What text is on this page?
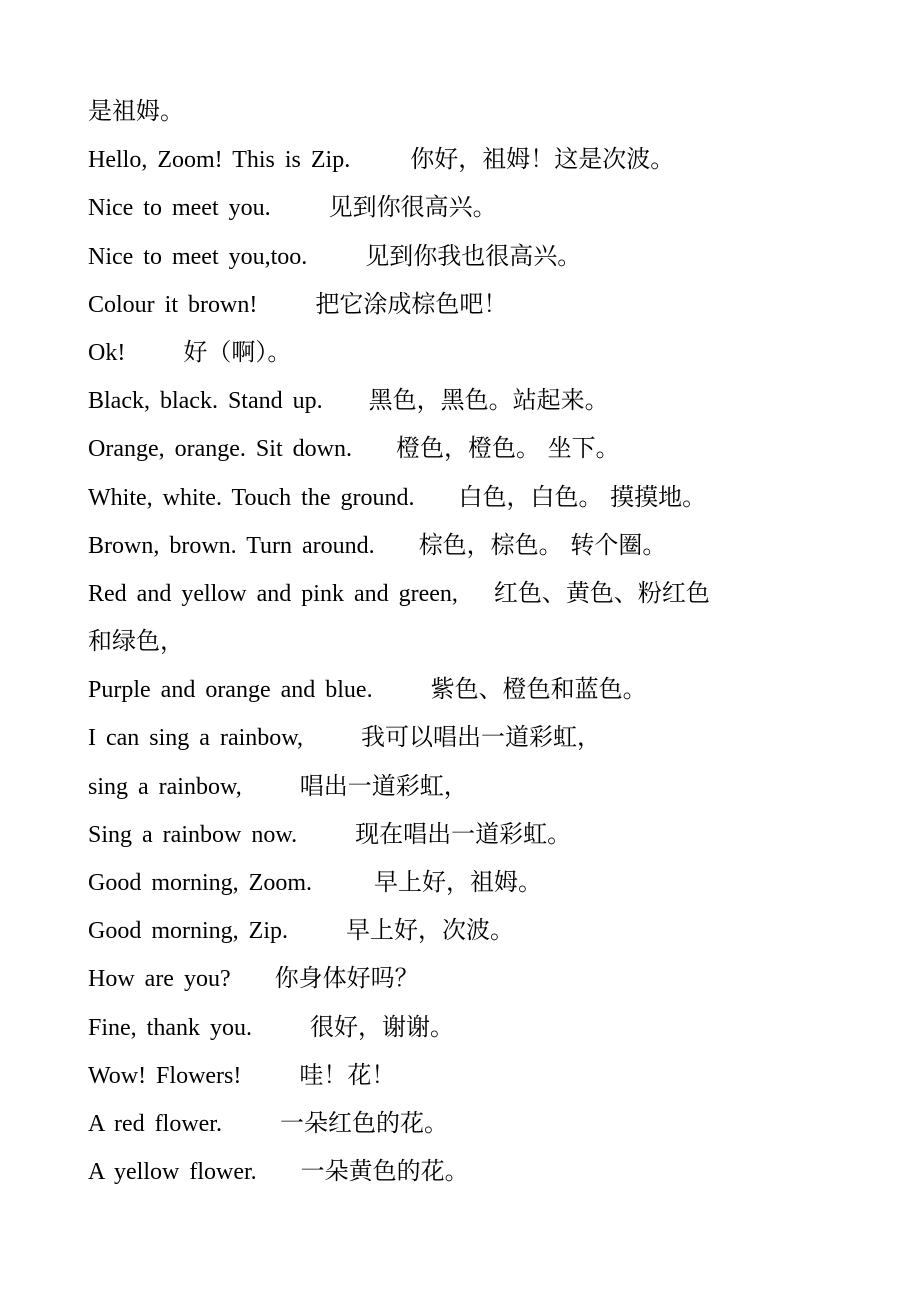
是祖姆。
Hello, Zoom! This is Zip.	你好，祖姆！这是次波。
Nice to meet you. 见到你很高兴。
Nice to meet you,too. 见到你我也很高兴。
Colour it brown! 把它涂成棕色吧！
Ok! 好（啊）。
Black, black. Stand up. 黑色，黑色。站起来。
Orange, orange. Sit down. 橙色，橙色。 坐下。
White, white. Touch the ground. 白色，白色。 摸摸地。
Brown, brown. Turn around. 棕色，棕色。 转个圈。
Red and yellow and pink and green, 红色、黄色、粉红色
和绿色，
Purple and orange and blue. 紫色、橙色和蓝色。
I can sing a rainbow, 我可以唱出一道彩虹，
sing a rainbow, 唱出一道彩虹，
Sing a rainbow now. 现在唱出一道彩虹。
Good morning, Zoom.	早上好，祖姆。
Good morning, Zip. 早上好，次波。
How are you? 你身体好吗？
Fine, thank you. 很好，谢谢。
Wow! Flowers! 哇！花！
A red flower. 一朵红色的花。
A yellow flower. 一朵黄色的花。
